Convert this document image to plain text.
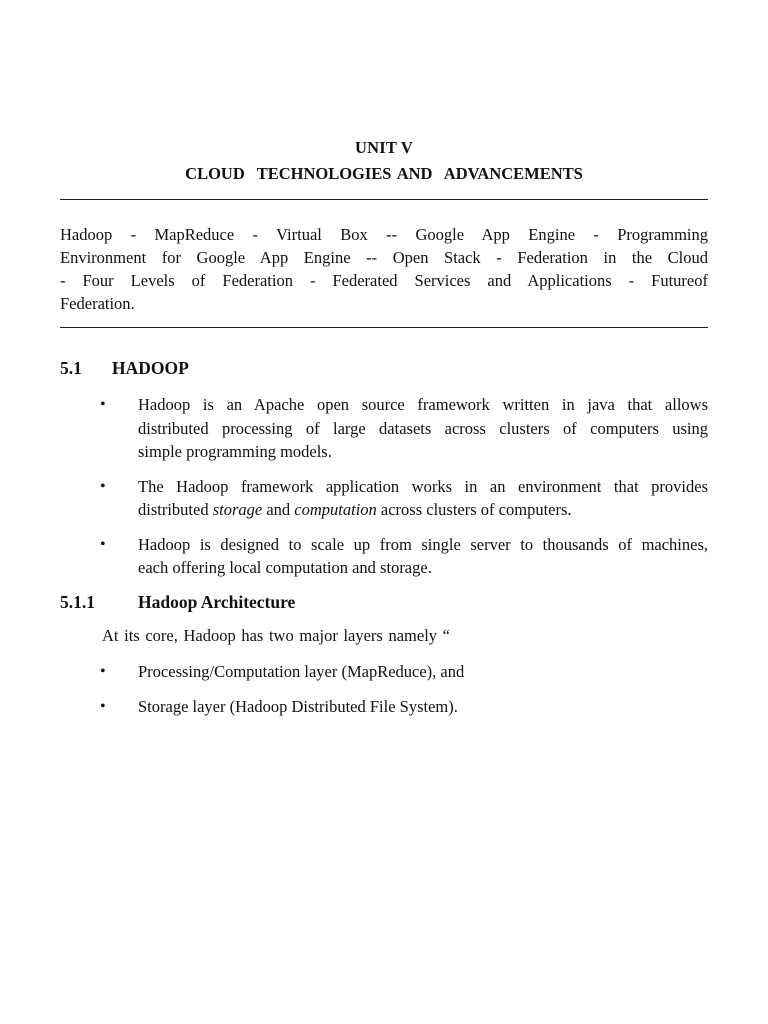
UNIT V
CLOUD  TECHNOLOGIES AND  ADVANCEMENTS
Hadoop - MapReduce - Virtual Box -- Google App Engine - Programming
Environment for Google App Engine -- Open Stack - Federation in the Cloud
- Four Levels of Federation - Federated Services and Applications - Futureof
Federation.
5.1 HADOOP
• Hadoop is an Apache open source framework written in java that allows
distributed processing of large datasets across clusters of computers using
simple programming models.
• The Hadoop framework application works in an environment that provides
distributed storage and computation across clusters of computers.
• Hadoop is designed to scale up from single server to thousands of machines,
each offering local computation and storage.
5.1.1 Hadoop Architecture
At its core, Hadoop has two major layers namely “
• Processing/Computation layer (MapReduce), and
• Storage layer (Hadoop Distributed File System).
